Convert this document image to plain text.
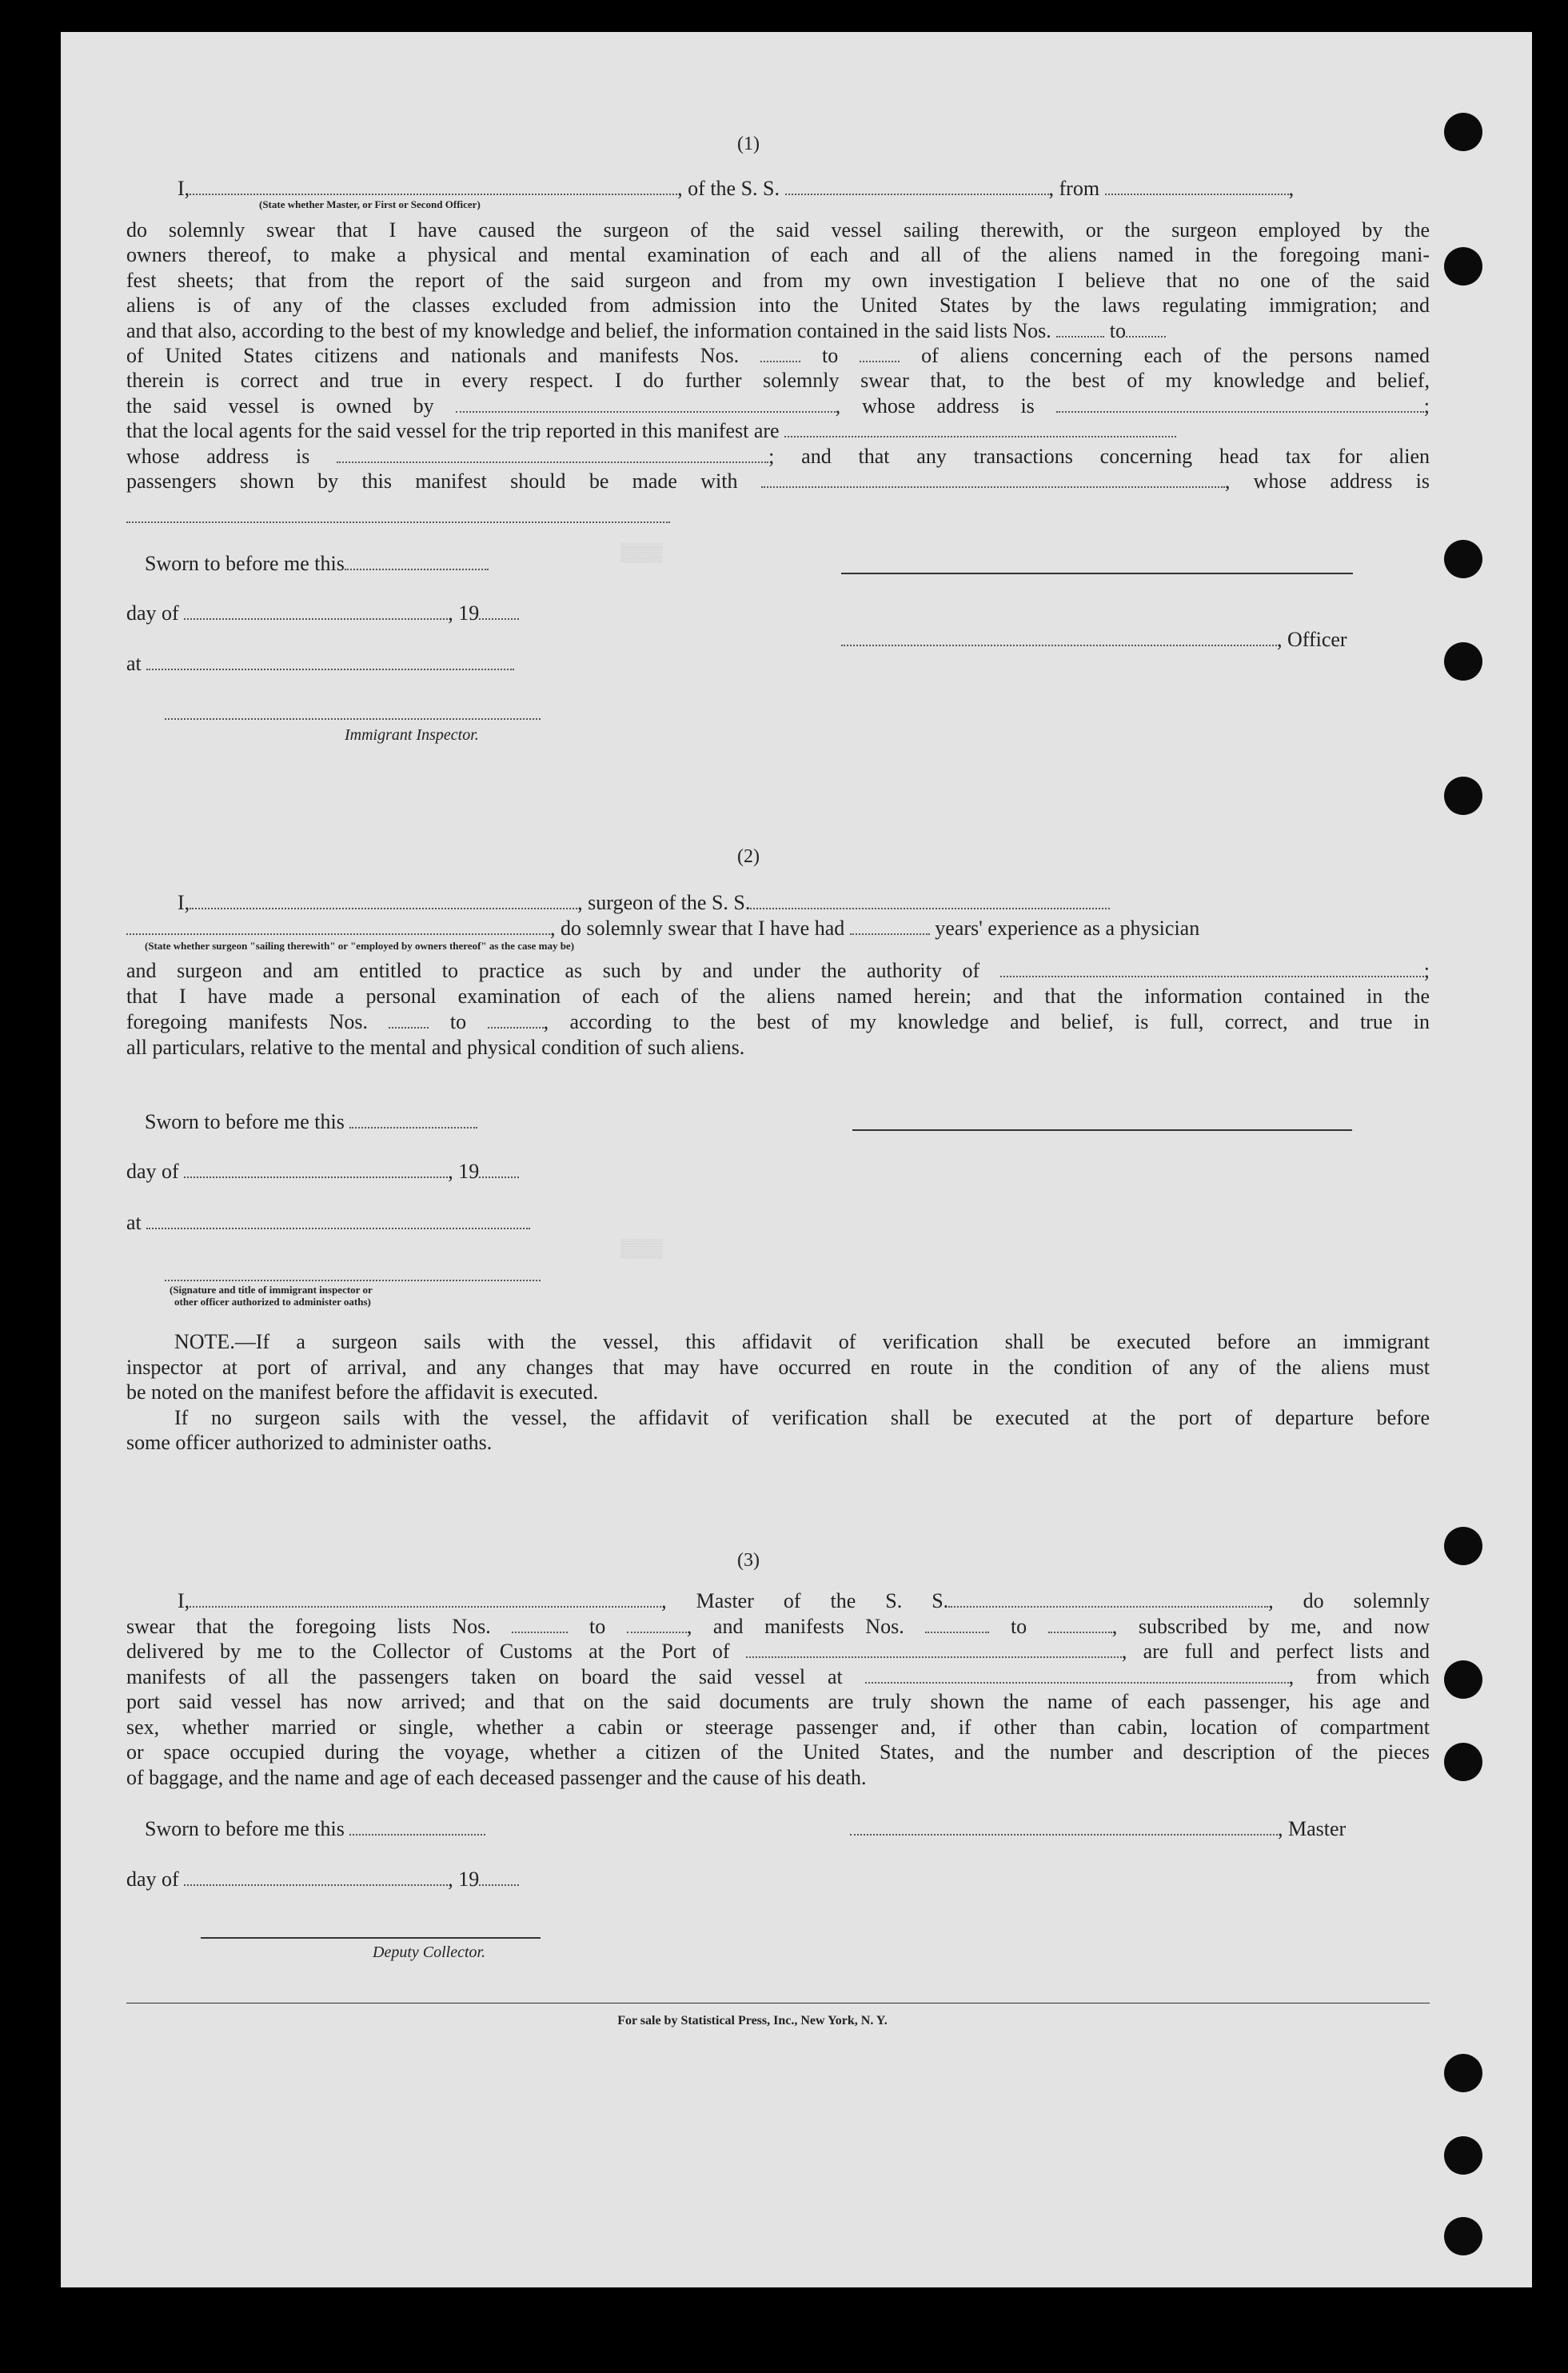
▒▒▒▒
▒▒▒▒
(1)
I,	, of the S. S.	, from	,
(State whether Master, or First or Second Officer)
do solemnly swear that I have caused the surgeon of the said vessel sailing therewith, or the surgeon employed by the
owners thereof, to make a physical and mental examination of each and all of the aliens named in the foregoing mani-
fest sheets; that from the report of the said surgeon and from my own investigation I believe that no one of the said
aliens is of any of the classes excluded from admission into the United States by the laws regulating immigration; and
and that also, according to the best of my knowledge and belief, the information contained in the said lists Nos.	to
of United States citizens and nationals and manifests Nos.	to	of aliens concerning each of the persons named
therein is correct and true in every respect. I do further solemnly swear that, to the best of my knowledge and belief,
the said vessel is owned by	, whose address is	;
that the local agents for the said vessel for the trip reported in this manifest are
whose address is	; and that any transactions concerning head tax for alien
passengers shown by this manifest should be made with	, whose address is
Sworn to before me this
day of	, 19
, Officer
at
Immigrant Inspector.
(2)
I,	, surgeon of the S. S.
, do solemnly swear that I have had	years' experience as a physician
(State whether surgeon "sailing therewith" or "employed by owners thereof" as the case may be)
and surgeon and am entitled to practice as such by and under the authority of	;
that I have made a personal examination of each of the aliens named herein; and that the information contained in the
foregoing manifests Nos.	to	, according to the best of my knowledge and belief, is full, correct, and true in
all particulars, relative to the mental and physical condition of such aliens.
Sworn to before me this
day of	, 19
at
(Signature and title of immigrant inspector or
other officer authorized to administer oaths)
NOTE.—If a surgeon sails with the vessel, this affidavit of verification shall be executed before an immigrant
inspector at port of arrival, and any changes that may have occurred en route in the condition of any of the aliens must
be noted on the manifest before the affidavit is executed.
If no surgeon sails with the vessel, the affidavit of verification shall be executed at the port of departure before
some officer authorized to administer oaths.
(3)
I,	, Master of the S. S.	, do solemnly
swear that the foregoing lists Nos.	to	, and manifests Nos.	to	, subscribed by me, and now
delivered by me to the Collector of Customs at the Port of	, are full and perfect lists and
manifests of all the passengers taken on board the said vessel at	, from which
port said vessel has now arrived; and that on the said documents are truly shown the name of each passenger, his age and
sex, whether married or single, whether a cabin or steerage passenger and, if other than cabin, location of compartment
or space occupied during the voyage, whether a citizen of the United States, and the number and description of the pieces
of baggage, and the name and age of each deceased passenger and the cause of his death.
Sworn to before me this	, Master
day of	, 19
Deputy Collector.
For sale by Statistical Press, Inc., New York, N. Y.
